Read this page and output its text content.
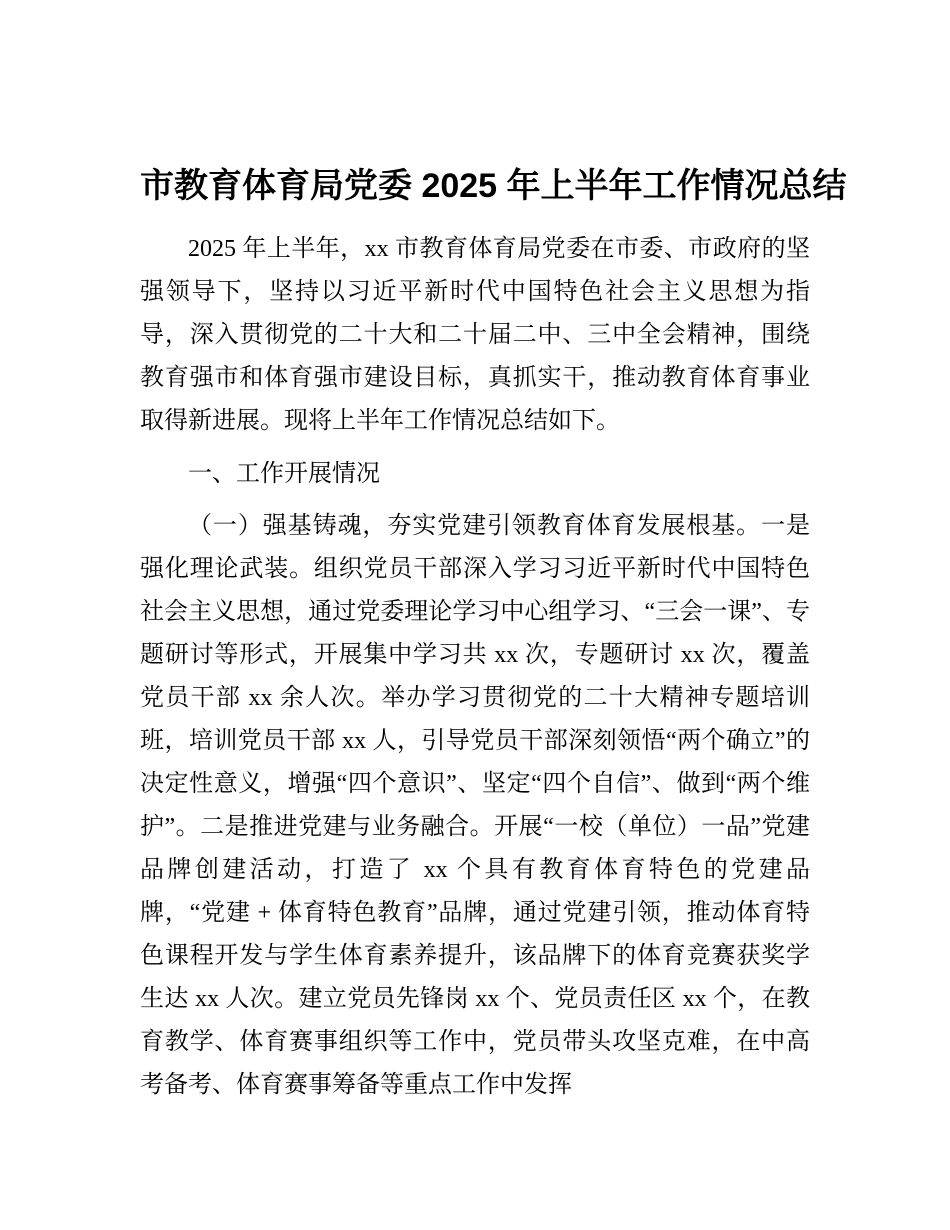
市教育体育局党委 2025 年上半年工作情况总结

2025 年上半年，xx 市教育体育局党委在市委、市政府的坚强领导下，坚持以习近平新时代中国特色社会主义思想为指导，深入贯彻党的二十大和二十届二中、三中全会精神，围绕教育强市和体育强市建设目标，真抓实干，推动教育体育事业取得新进展。现将上半年工作情况总结如下。

一、工作开展情况

（一）强基铸魂，夯实党建引领教育体育发展根基。一是强化理论武装。组织党员干部深入学习习近平新时代中国特色社会主义思想，通过党委理论学习中心组学习、“三会一课”、专题研讨等形式，开展集中学习共 xx 次，专题研讨 xx 次，覆盖党员干部 xx 余人次。举办学习贯彻党的二十大精神专题培训班，培训党员干部 xx 人，引导党员干部深刻领悟“两个确立”的决定性意义，增强“四个意识”、坚定“四个自信”、做到“两个维护”。二是推进党建与业务融合。开展“一校（单位）一品”党建品牌创建活动，打造了 xx 个具有教育体育特色的党建品牌，“党建 + 体育特色教育”品牌，通过党建引领，推动体育特色课程开发与学生体育素养提升，该品牌下的体育竞赛获奖学生达 xx 人次。建立党员先锋岗 xx 个、党员责任区 xx 个，在教育教学、体育赛事组织等工作中，党员带头攻坚克难，在中高考备考、体育赛事筹备等重点工作中发挥
